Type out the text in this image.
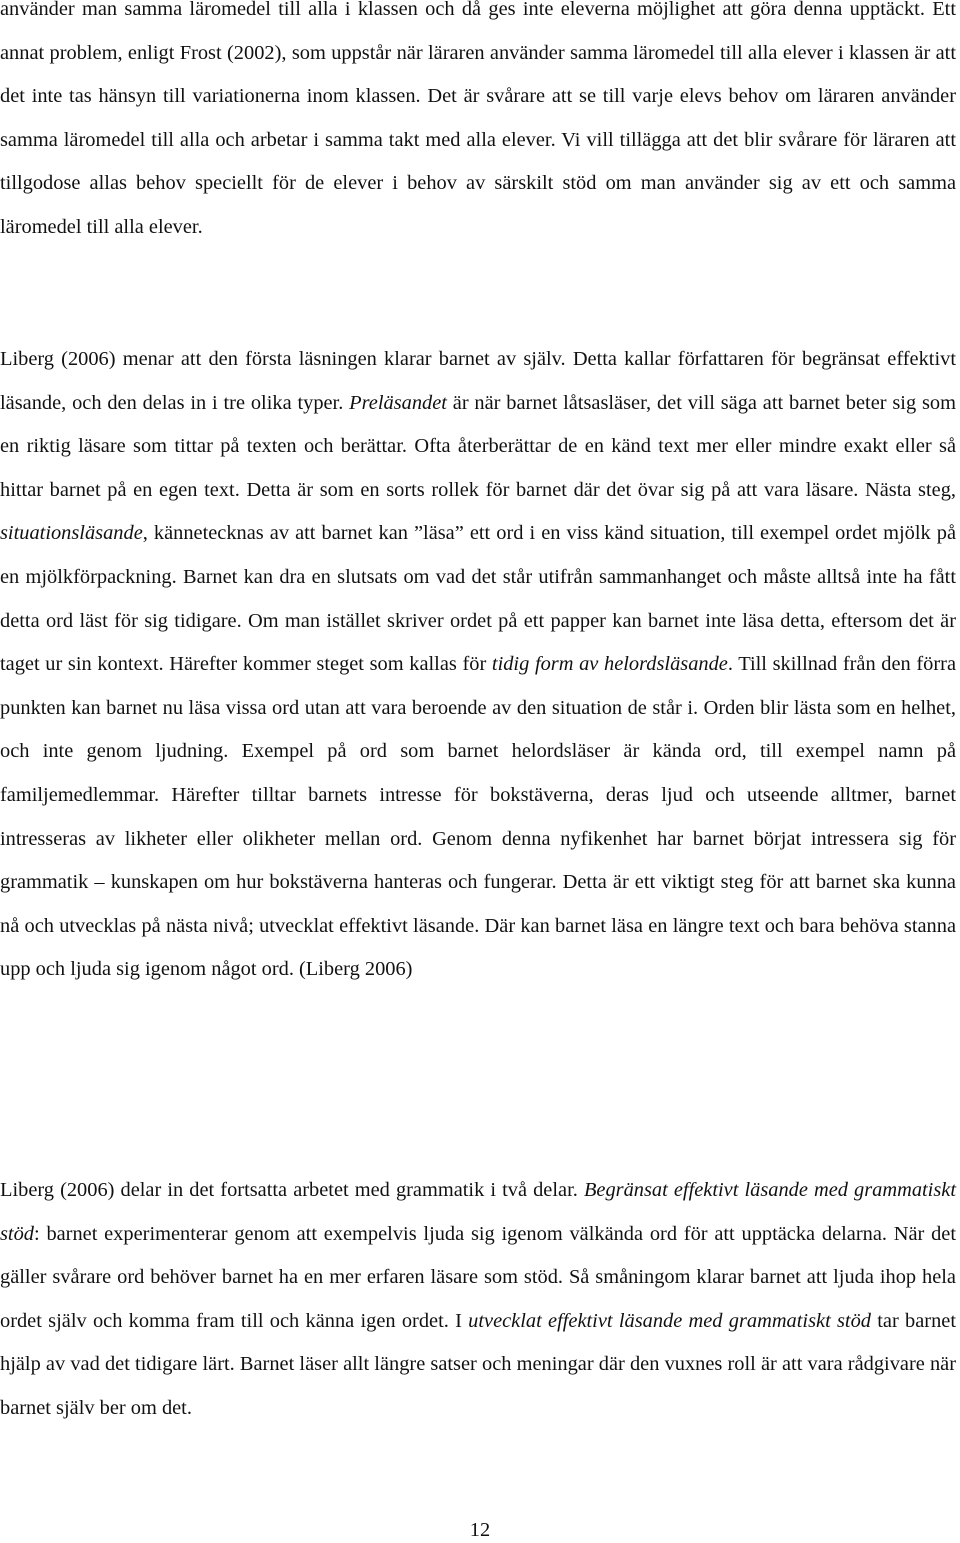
använder man samma läromedel till alla i klassen och då ges inte eleverna möjlighet att göra denna upptäckt. Ett annat problem, enligt Frost (2002), som uppstår när läraren använder samma läromedel till alla elever i klassen är att det inte tas hänsyn till variationerna inom klassen. Det är svårare att se till varje elevs behov om läraren använder samma läromedel till alla och arbetar i samma takt med alla elever. Vi vill tillägga att det blir svårare för läraren att tillgodose allas behov speciellt för de elever i behov av särskilt stöd om man använder sig av ett och samma läromedel till alla elever.

Liberg (2006) menar att den första läsningen klarar barnet av själv. Detta kallar författaren för begränsat effektivt läsande, och den delas in i tre olika typer. Preläsandet är när barnet låtsasläser, det vill säga att barnet beter sig som en riktig läsare som tittar på texten och berättar. Ofta återberättar de en känd text mer eller mindre exakt eller så hittar barnet på en egen text. Detta är som en sorts rollek för barnet där det övar sig på att vara läsare. Nästa steg, situationsläsande, kännetecknas av att barnet kan ”läsa” ett ord i en viss känd situation, till exempel ordet mjölk på en mjölkförpackning. Barnet kan dra en slutsats om vad det står utifrån sammanhanget och måste alltså inte ha fått detta ord läst för sig tidigare. Om man istället skriver ordet på ett papper kan barnet inte läsa detta, eftersom det är taget ur sin kontext. Härefter kommer steget som kallas för tidig form av helordsläsande. Till skillnad från den förra punkten kan barnet nu läsa vissa ord utan att vara beroende av den situation de står i. Orden blir lästa som en helhet, och inte genom ljudning. Exempel på ord som barnet helordsläser är kända ord, till exempel namn på familjemedlemmar. Härefter tilltar barnets intresse för bokstäverna, deras ljud och utseende alltmer, barnet intresseras av likheter eller olikheter mellan ord. Genom denna nyfikenhet har barnet börjat intressera sig för grammatik – kunskapen om hur bokstäverna hanteras och fungerar. Detta är ett viktigt steg för att barnet ska kunna nå och utvecklas på nästa nivå; utvecklat effektivt läsande. Där kan barnet läsa en längre text och bara behöva stanna upp och ljuda sig igenom något ord. (Liberg 2006)

Liberg (2006) delar in det fortsatta arbetet med grammatik i två delar. Begränsat effektivt läsande med grammatiskt stöd: barnet experimenterar genom att exempelvis ljuda sig igenom välkända ord för att upptäcka delarna. När det gäller svårare ord behöver barnet ha en mer erfaren läsare som stöd. Så småningom klarar barnet att ljuda ihop hela ordet själv och komma fram till och känna igen ordet. I utvecklat effektivt läsande med grammatiskt stöd tar barnet hjälp av vad det tidigare lärt. Barnet läser allt längre satser och meningar där den vuxnes roll är att vara rådgivare när barnet själv ber om det.

12
